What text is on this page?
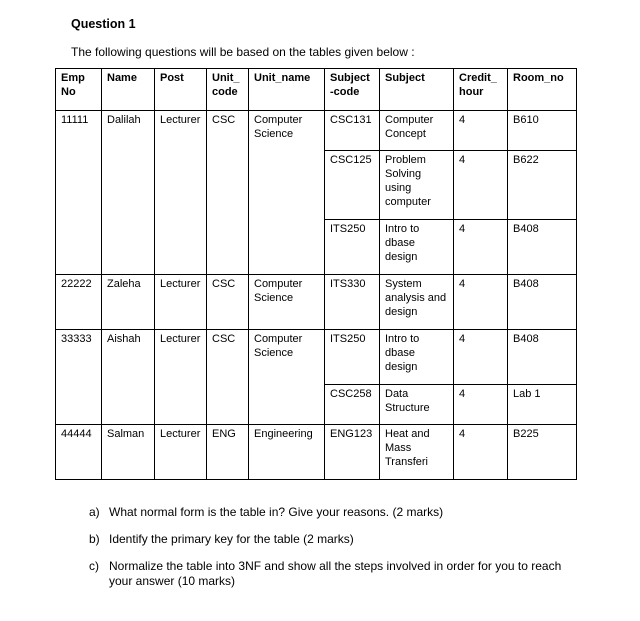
Question 1
The following questions will be based on the tables given below :
Emp No	Name	Post	Unit_ code	Unit_name	Subject -code	Subject	Credit_ hour	Room_no
11111	Dalilah	Lecturer	CSC	Computer Science	CSC131	Computer Concept	4	B610
					CSC125	Problem Solving using computer	4	B622
					ITS250	Intro to dbase design	4	B408
22222	Zaleha	Lecturer	CSC	Computer Science	ITS330	System analysis and design	4	B408
33333	Aishah	Lecturer	CSC	Computer Science	ITS250	Intro to dbase design	4	B408
					CSC258	Data Structure	4	Lab 1
44444	Salman	Lecturer	ENG	Engineering	ENG123	Heat and Mass Transferi	4	B225
a) What normal form is the table in? Give your reasons. (2 marks)
b) Identify the primary key for the table (2 marks)
c) Normalize the table into 3NF and show all the steps involved in order for you to reach your answer (10 marks)
